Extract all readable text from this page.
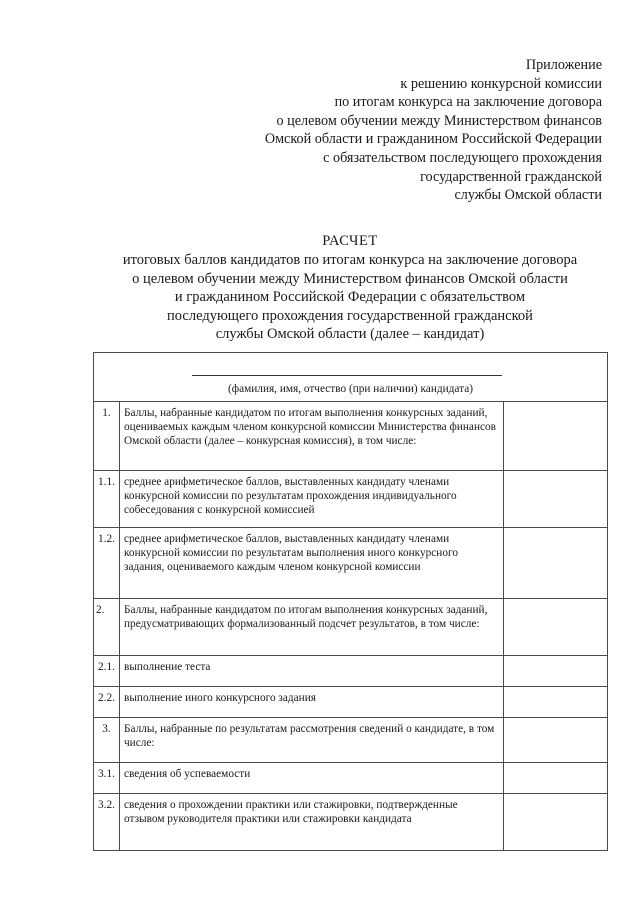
Приложение
к решению конкурсной комиссии
по итогам конкурса на заключение договора
о целевом обучении между Министерством финансов
Омской области и гражданином Российской Федерации
с обязательством последующего прохождения
государственной гражданской
службы Омской области
РАСЧЕТ
итоговых баллов кандидатов по итогам конкурса на заключение договора
о целевом обучении между Министерством финансов Омской области
и гражданином Российской Федерации с обязательством
последующего прохождения государственной гражданской
службы Омской области (далее – кандидат)
(фамилия, имя, отчество (при наличии) кандидата)		

1.	Баллы, набранные кандидатом по итогам выполнения конкурсных заданий, оцениваемых каждым членом конкурсной комиссии Министерства финансов Омской области (далее – конкурсная комиссия), в том числе:	
1.1.	среднее арифметическое баллов, выставленных кандидату членами конкурсной комиссии по результатам прохождения индивидуального собеседования с конкурсной комиссией	
1.2.	среднее арифметическое баллов, выставленных кандидату членами конкурсной комиссии по результатам выполнения иного конкурсного задания, оцениваемого каждым членом конкурсной комиссии	
2.	Баллы, набранные кандидатом по итогам выполнения конкурсных заданий, предусматривающих формализованный подсчет результатов, в том числе:	
2.1.	выполнение теста	
2.2.	выполнение иного конкурсного задания	
3.	Баллы, набранные по результатам рассмотрения сведений о кандидате, в том числе:	
3.1.	сведения об успеваемости	
3.2.	сведения о прохождении практики или стажировки, подтвержденные отзывом руководителя практики или стажировки кандидата	
